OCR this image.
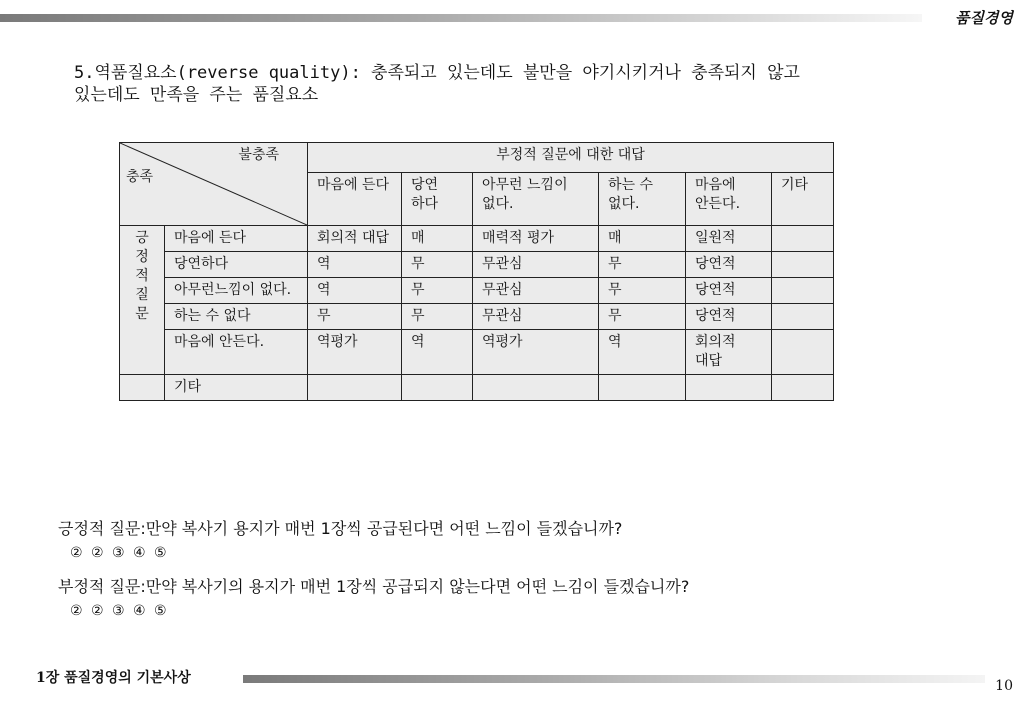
품질경영
5.역품질요소(reverse quality): 충족되고 있는데도 불만을 야기시키거나 충족되지 않고
있는데도 만족을 주는 품질요소
불충족
충족		부정적 질문에 대한 대답					
		마음에 든다	당연 하다	아무런 느낌이 없다.	하는 수 없다.	마음에 안든다.	기타

긍정적질문	마음에 든다	회의적 대답	매	매력적 평가	매	일원적	
	당연하다	역	무	무관심	무	당연적	
	아무런느낌이 없다.	역	무	무관심	무	당연적	
	하는 수 없다	무	무	무관심	무	당연적	
	마음에 안든다.	역평가	역	역평가	역	회의적 대답	
	기타						
긍정적 질문:만약 복사기 용지가 매번 1장씩 공급된다면 어떤 느낌이 들겠습니까?
② ② ③ ④ ⑤
부정적 질문:만약 복사기의 용지가 매번 1장씩 공급되지 않는다면 어떤 느김이 들겠습니까?
② ② ③ ④ ⑤
1장 품질경영의 기본사상	10
